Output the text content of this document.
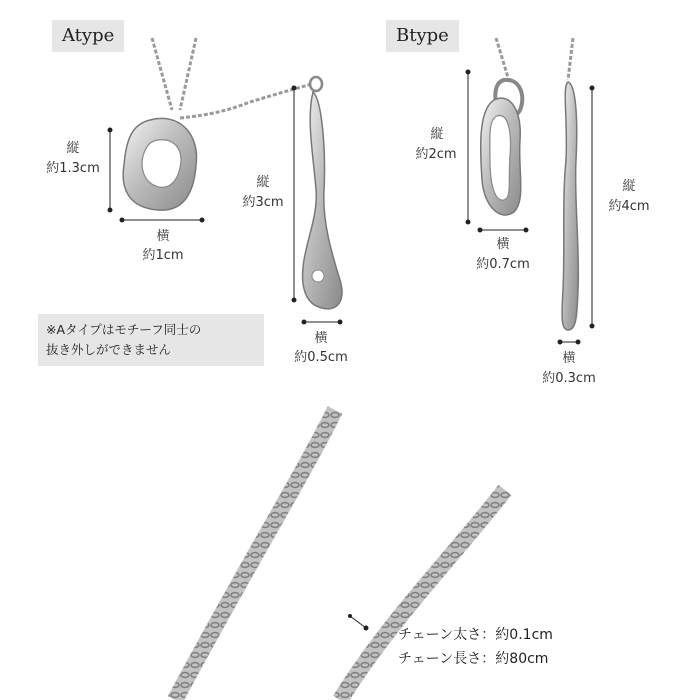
Atype	Btype
縦
約1.3cm
横
約1cm
縦
約3cm
横
約0.5cm
※Aタイプはモチーフ同士の
抜き外しができません
縦
約2cm
横
約0.7cm
縦
約4cm
横
約0.3cm
チェーン太さ：約0.1cm
チェーン長さ：約80cm
